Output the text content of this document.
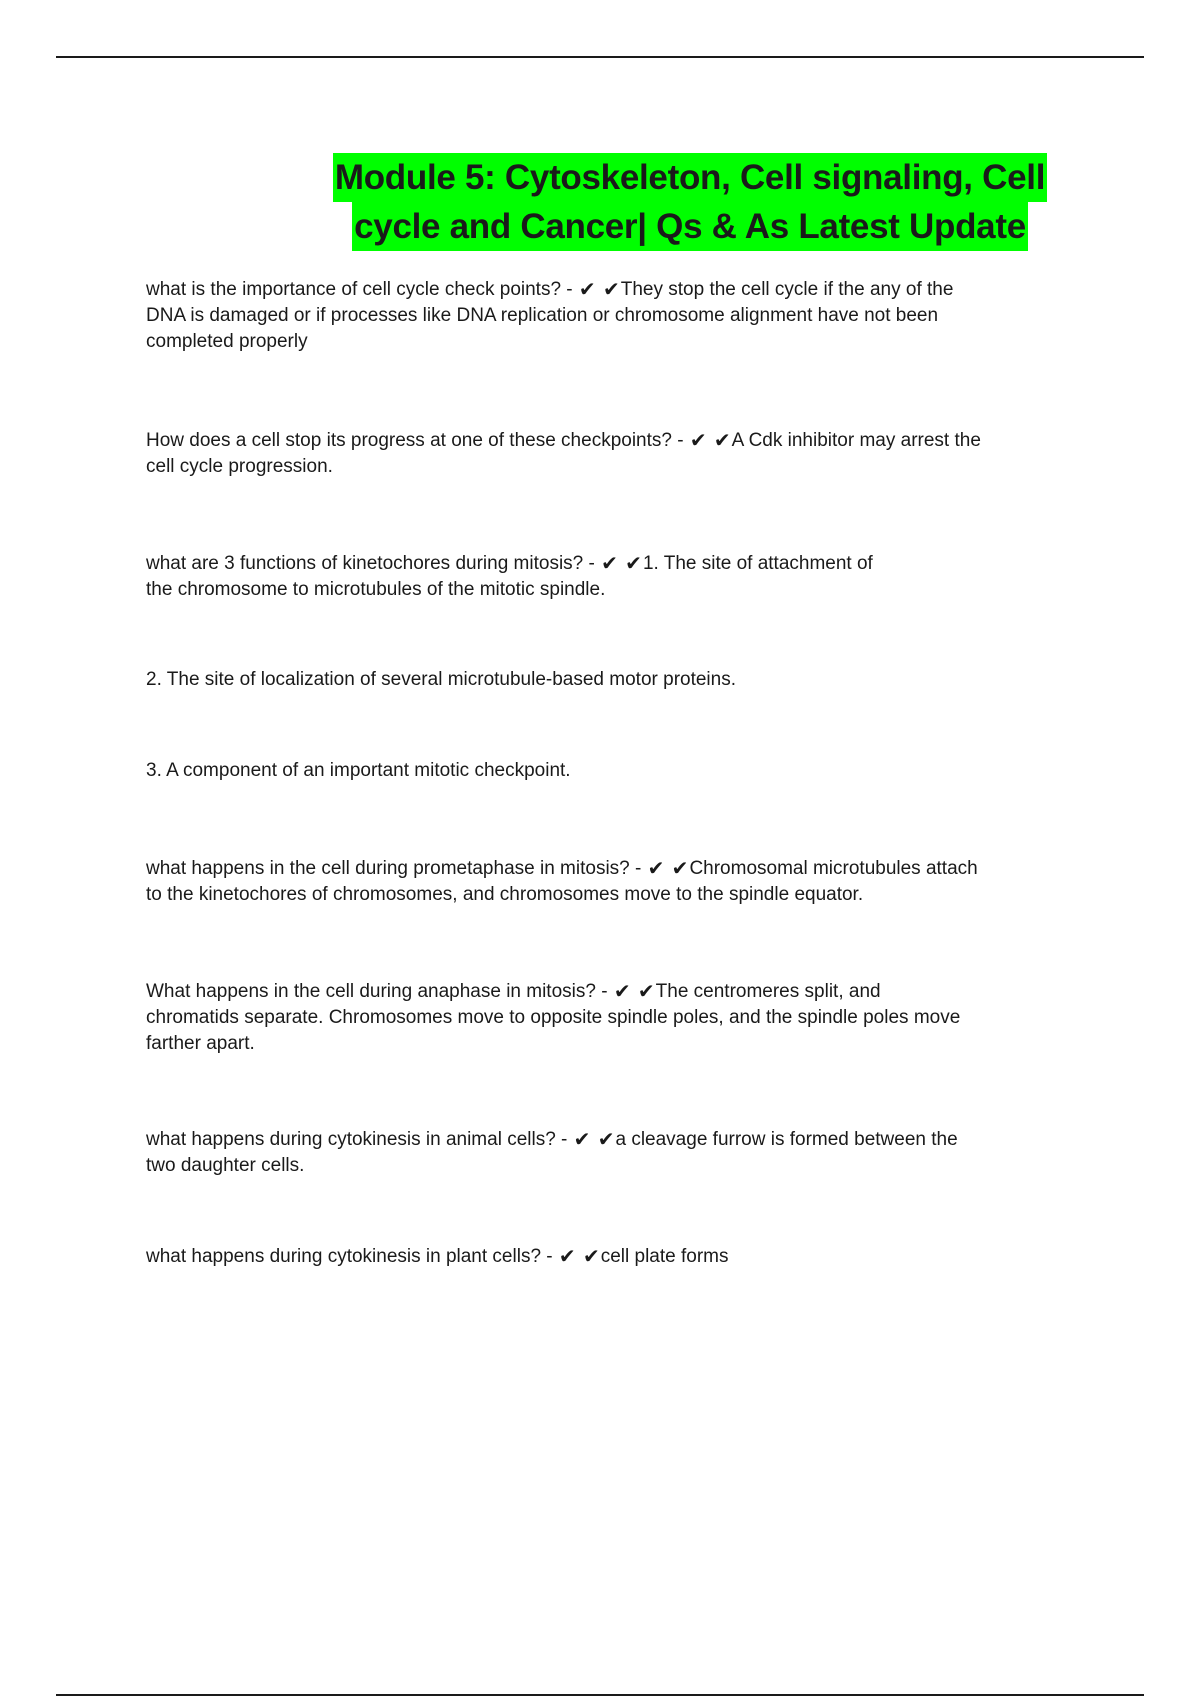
Module 5: Cytoskeleton, Cell signaling, Cell
cycle and Cancer| Qs & As Latest Update
what is the importance of cell cycle check points? - ✔ ✔They stop the cell cycle if the any of the
DNA is damaged or if processes like DNA replication or chromosome alignment have not been
completed properly
How does a cell stop its progress at one of these checkpoints? - ✔ ✔A Cdk inhibitor may arrest the
cell cycle progression.
what are 3 functions of kinetochores during mitosis? - ✔ ✔1. The site of attachment of
the chromosome to microtubules of the mitotic spindle.
2. The site of localization of several microtubule-based motor proteins.
3. A component of an important mitotic checkpoint.
what happens in the cell during prometaphase in mitosis? - ✔ ✔Chromosomal microtubules attach
to the kinetochores of chromosomes, and chromosomes move to the spindle equator.
What happens in the cell during anaphase in mitosis? - ✔ ✔The centromeres split, and
chromatids separate. Chromosomes move to opposite spindle poles, and the spindle poles move
farther apart.
what happens during cytokinesis in animal cells? - ✔ ✔a cleavage furrow is formed between the
two daughter cells.
what happens during cytokinesis in plant cells? - ✔ ✔cell plate forms
